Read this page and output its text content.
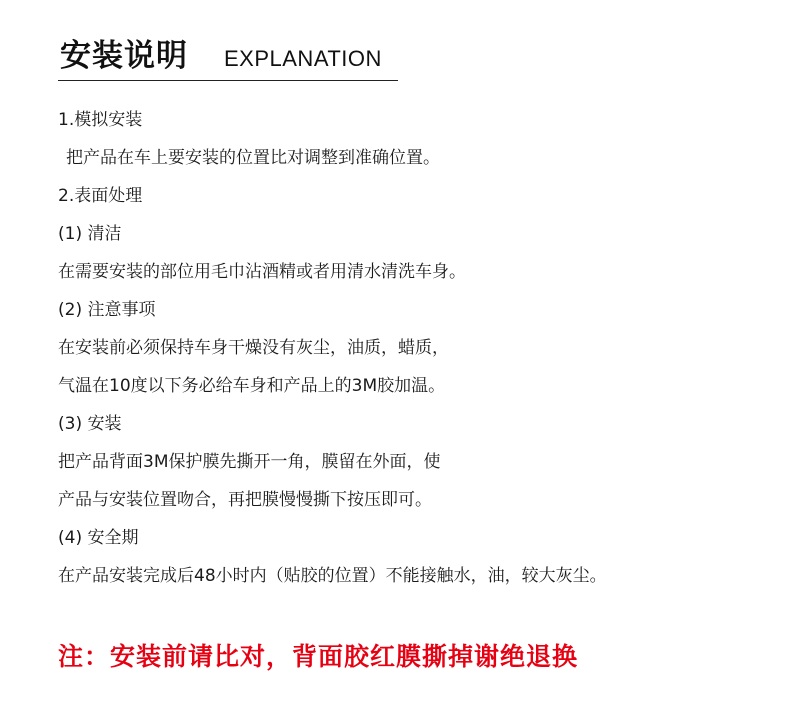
安装说明 EXPLANATION
1.模拟安装
把产品在车上要安装的位置比对调整到准确位置。
2.表面处理
(1) 清洁
在需要安装的部位用毛巾沾酒精或者用清水清洗车身。
(2) 注意事项
在安装前必须保持车身干燥没有灰尘，油质，蜡质，
气温在10度以下务必给车身和产品上的3M胶加温。
(3) 安装
把产品背面3M保护膜先撕开一角，膜留在外面，使
产品与安装位置吻合，再把膜慢慢撕下按压即可。
(4) 安全期
在产品安装完成后48小时内（贴胶的位置）不能接触水，油，较大灰尘。
注：安装前请比对，背面胶红膜撕掉谢绝退换
